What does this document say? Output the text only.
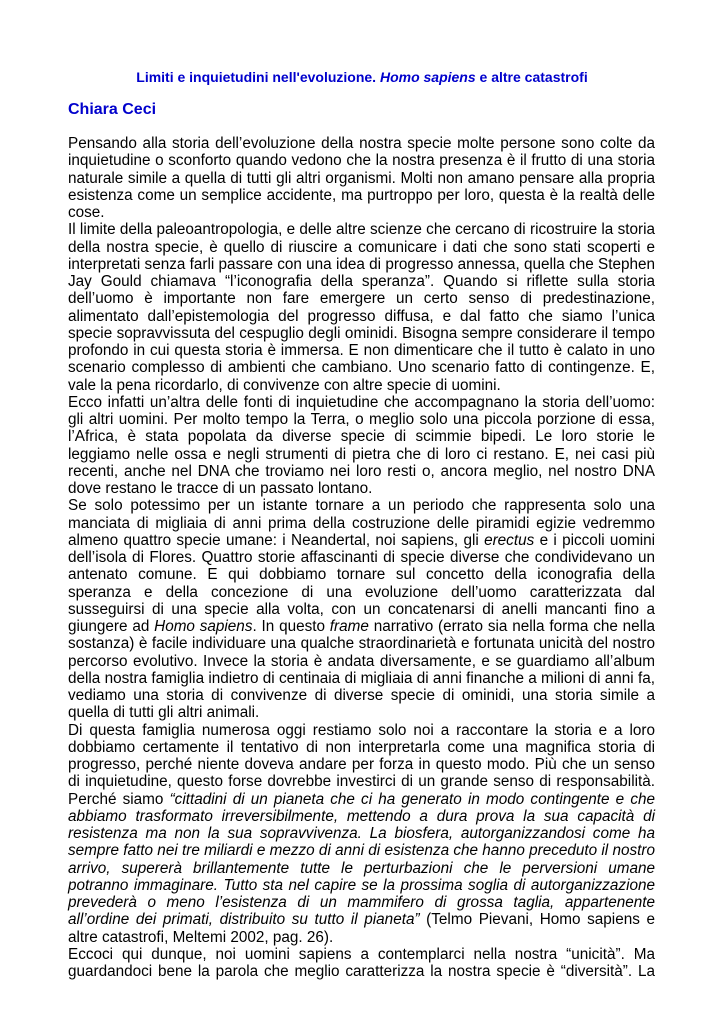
Limiti e inquietudini nell'evoluzione. Homo sapiens e altre catastrofi
Chiara Ceci

Pensando alla storia dell’evoluzione della nostra specie molte persone sono colte da inquietudine o sconforto quando vedono che la nostra presenza è il frutto di una storia naturale simile a quella di tutti gli altri organismi. Molti non amano pensare alla propria esistenza come un semplice accidente, ma purtroppo per loro, questa è la realtà delle cose.

Il limite della paleoantropologia, e delle altre scienze che cercano di ricostruire la storia della nostra specie, è quello di riuscire a comunicare i dati che sono stati scoperti e interpretati senza farli passare con una idea di progresso annessa, quella che Stephen Jay Gould chiamava “l’iconografia della speranza”. Quando si riflette sulla storia dell’uomo è importante non fare emergere un certo senso di predestinazione, alimentato dall’epistemologia del progresso diffusa, e dal fatto che siamo l’unica specie sopravvissuta del cespuglio degli ominidi. Bisogna sempre considerare il tempo profondo in cui questa storia è immersa. E non dimenticare che il tutto è calato in uno scenario complesso di ambienti che cambiano. Uno scenario fatto di contingenze. E, vale la pena ricordarlo, di convivenze con altre specie di uomini.

Ecco infatti un’altra delle fonti di inquietudine che accompagnano la storia dell’uomo: gli altri uomini. Per molto tempo la Terra, o meglio solo una piccola porzione di essa, l’Africa, è stata popolata da diverse specie di scimmie bipedi. Le loro storie le leggiamo nelle ossa e negli strumenti di pietra che di loro ci restano. E, nei casi più recenti, anche nel DNA che troviamo nei loro resti o, ancora meglio, nel nostro DNA dove restano le tracce di un passato lontano.

Se solo potessimo per un istante tornare a un periodo che rappresenta solo una manciata di migliaia di anni prima della costruzione delle piramidi egizie vedremmo almeno quattro specie umane: i Neandertal, noi sapiens, gli erectus e i piccoli uomini dell’isola di Flores. Quattro storie affascinanti di specie diverse che condividevano un antenato comune. E qui dobbiamo tornare sul concetto della iconografia della speranza e della concezione di una evoluzione dell’uomo caratterizzata dal susseguirsi di una specie alla volta, con un concatenarsi di anelli mancanti fino a giungere ad Homo sapiens. In questo frame narrativo (errato sia nella forma che nella sostanza) è facile individuare una qualche straordinarietà e fortunata unicità del nostro percorso evolutivo. Invece la storia è andata diversamente, e se guardiamo all’album della nostra famiglia indietro di centinaia di migliaia di anni finanche a milioni di anni fa, vediamo una storia di convivenze di diverse specie di ominidi, una storia simile a quella di tutti gli altri animali.

Di questa famiglia numerosa oggi restiamo solo noi a raccontare la storia e a loro dobbiamo certamente il tentativo di non interpretarla come una magnifica storia di progresso, perché niente doveva andare per forza in questo modo. Più che un senso di inquietudine, questo forse dovrebbe investirci di un grande senso di responsabilità. Perché siamo “cittadini di un pianeta che ci ha generato in modo contingente e che abbiamo trasformato irreversibilmente, mettendo a dura prova la sua capacità di resistenza ma non la sua sopravvivenza. La biosfera, autorganizzandosi come ha sempre fatto nei tre miliardi e mezzo di anni di esistenza che hanno preceduto il nostro arrivo, supererà brillantemente tutte le perturbazioni che le perversioni umane potranno immaginare. Tutto sta nel capire se la prossima soglia di autorganizzazione prevederà o meno l’esistenza di un mammifero di grossa taglia, appartenente all’ordine dei primati, distribuito su tutto il pianeta” (Telmo Pievani, Homo sapiens e altre catastrofi, Meltemi 2002, pag. 26).

Eccoci qui dunque, noi uomini sapiens a contemplarci nella nostra “unicità”. Ma guardandoci bene la parola che meglio caratterizza la nostra specie è “diversità”. La
